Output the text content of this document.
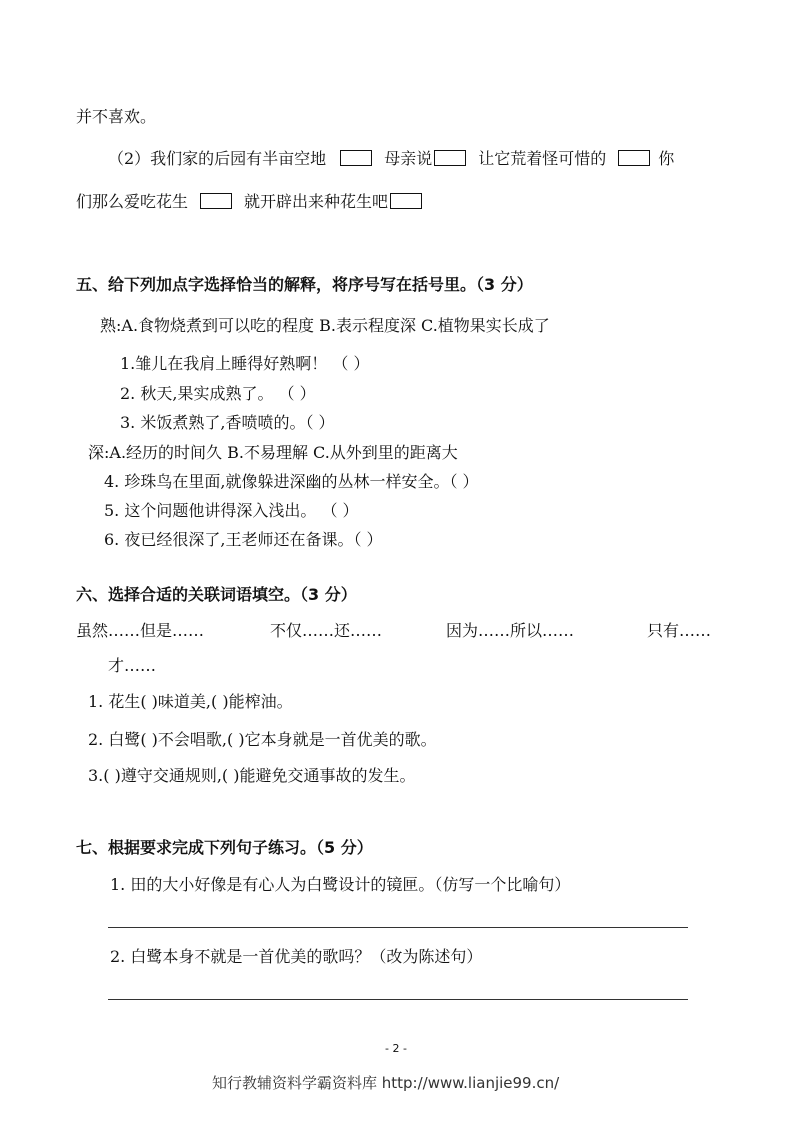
并不喜欢。
（2）我们家的后园有半亩空地	母亲说	让它荒着怪可惜的	你
们那么爱吃花生	就开辟出来种花生吧
五、给下列加点字选择恰当的解释，将序号写在括号里。（3 分）
熟:A.食物烧煮到可以吃的程度 B.表示程度深 C.植物果实长成了
1.雏儿在我肩上睡得好熟啊！ （ ）
2. 秋天,果实成熟了。 （ ）
3. 米饭煮熟了,香喷喷的。（ ）
深:A.经历的时间久 B.不易理解 C.从外到里的距离大
4. 珍珠鸟在里面,就像躲进深幽的丛林一样安全。（ ）
5. 这个问题他讲得深入浅出。 （ ）
6. 夜已经很深了,王老师还在备课。（ ）
六、选择合适的关联词语填空。（3 分）
虽然……但是……	不仅……还……	因为……所以……	只有……
才……
1. 花生( )味道美,( )能榨油。
2. 白鹭( )不会唱歌,( )它本身就是一首优美的歌。
3.( )遵守交通规则,( )能避免交通事故的发生。
七、根据要求完成下列句子练习。（5 分）
1. 田的大小好像是有心人为白鹭设计的镜匣。（仿写一个比喻句）
2. 白鹭本身不就是一首优美的歌吗？（改为陈述句）
- 2 -
知行教辅资料学霸资料库 http://www.lianjie99.cn/
